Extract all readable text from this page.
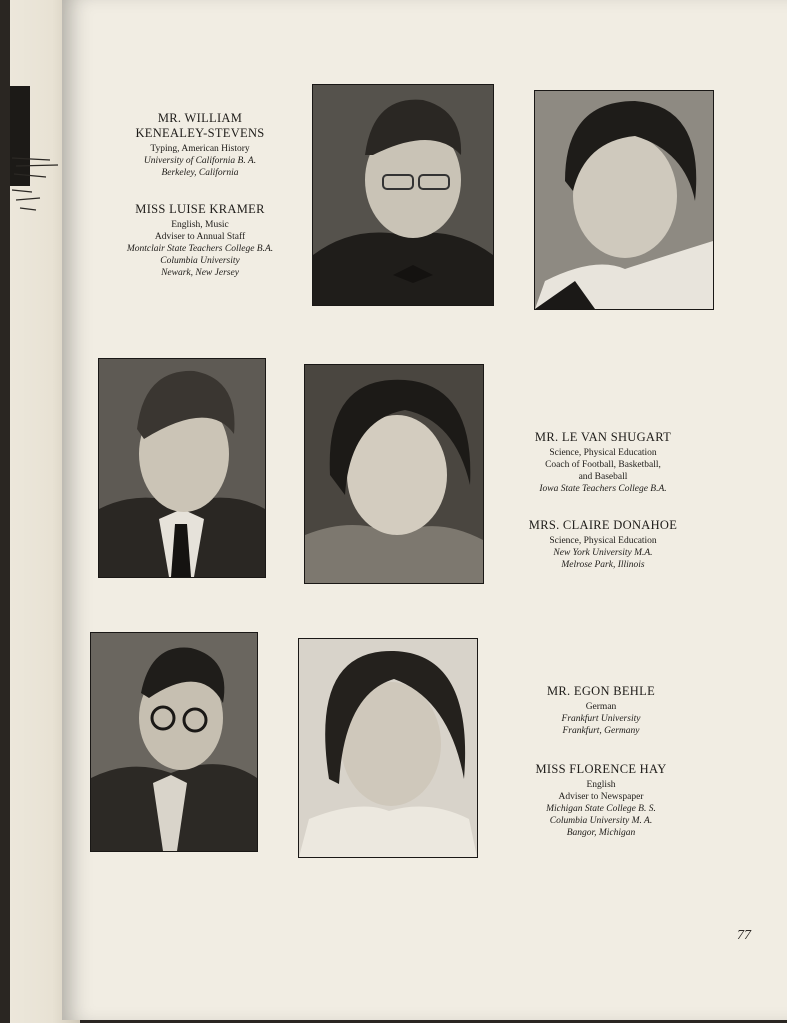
MR. WILLIAM

KENEALEY-STEVENS

Typing, American History

University of California B. A.

Berkeley, California

MISS LUISE KRAMER

English, Music

Adviser to Annual Staff

Montclair State Teachers College B.A.

Columbia University

Newark, New Jersey

MR. LE VAN SHUGART

Science, Physical Education

Coach of Football, Basketball,

and Baseball

Iowa State Teachers College B.A.

MRS. CLAIRE DONAHOE

Science, Physical Education

New York University M.A.

Melrose Park, Illinois

MR. EGON BEHLE

German

Frankfurt University

Frankfurt, Germany

MISS FLORENCE HAY

English

Adviser to Newspaper

Michigan State College B. S.

Columbia University M. A.

Bangor, Michigan

77
